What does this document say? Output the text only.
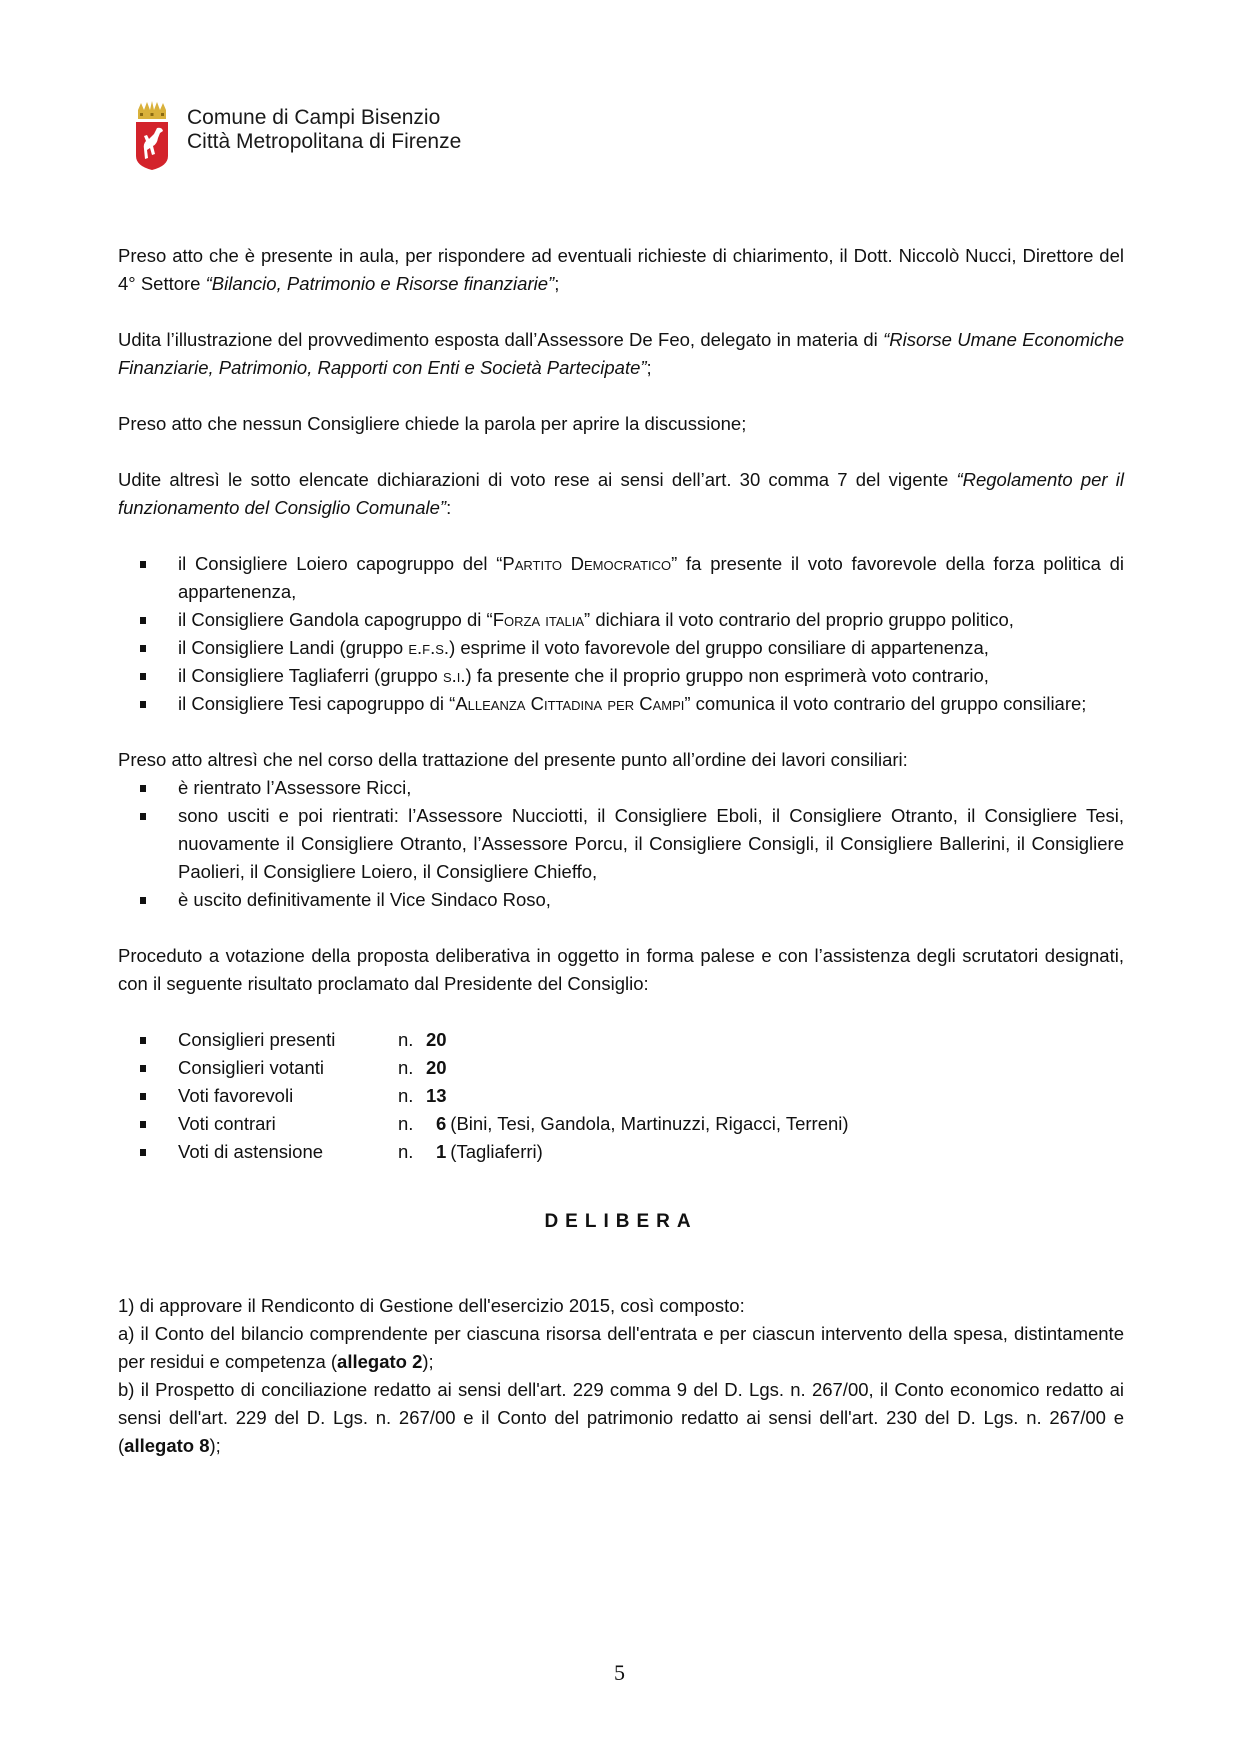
Comune di Campi Bisenzio
Città Metropolitana di Firenze

Preso atto che è presente in aula, per rispondere ad eventuali richieste di chiarimento, il Dott. Niccolò Nucci, Direttore del 4° Settore “Bilancio, Patrimonio e Risorse finanziarie”;

Udita l’illustrazione del provvedimento esposta dall’Assessore De Feo, delegato in materia di “Risorse Umane Economiche Finanziarie, Patrimonio, Rapporti con Enti e Società Partecipate”;

Preso atto che nessun Consigliere chiede la parola per aprire la discussione;

Udite altresì le sotto elencate dichiarazioni di voto rese ai sensi dell’art. 30 comma 7 del vigente “Regolamento per il funzionamento del Consiglio Comunale”:

il Consigliere Loiero capogruppo del “Partito Democratico” fa presente il voto favorevole della forza politica di appartenenza,
il Consigliere Gandola capogruppo di “Forza italia” dichiara il voto contrario del proprio gruppo politico,
il Consigliere Landi (gruppo e.f.s.) esprime il voto favorevole del gruppo consiliare di appartenenza,
il Consigliere Tagliaferri (gruppo s.i.) fa presente che il proprio gruppo non esprimerà voto contrario,
il Consigliere Tesi capogruppo di “Alleanza Cittadina per Campi” comunica il voto contrario del gruppo consiliare;

Preso atto altresì che nel corso della trattazione del presente punto all’ordine dei lavori consiliari:

è rientrato l’Assessore Ricci,
sono usciti e poi rientrati: l’Assessore Nucciotti, il Consigliere Eboli, il Consigliere Otranto, il Consigliere Tesi, nuovamente il Consigliere Otranto, l’Assessore Porcu, il Consigliere Consigli, il Consigliere Ballerini, il Consigliere Paolieri, il Consigliere Loiero, il Consigliere Chieffo,
è uscito definitivamente il Vice Sindaco Roso,

Proceduto a votazione della proposta deliberativa in oggetto in forma palese e con l’assistenza degli scrutatori designati, con il seguente risultato proclamato dal Presidente del Consiglio:

Consiglieri presenti	n. 20
Consiglieri votanti	n. 20
Voti favorevoli	n. 13
Voti contrari	n.	6 (Bini, Tesi, Gandola, Martinuzzi, Rigacci, Terreni)
Voti di astensione	n.	1 (Tagliaferri)

DELIBERA

1) di approvare il Rendiconto di Gestione dell'esercizio 2015, così composto:

a) il Conto del bilancio comprendente per ciascuna risorsa dell'entrata e per ciascun intervento della spesa, distintamente per residui e competenza (allegato 2);

b) il Prospetto di conciliazione redatto ai sensi dell'art. 229 comma 9 del D. Lgs. n. 267/00, il Conto economico redatto ai sensi dell'art. 229 del D. Lgs. n. 267/00 e il Conto del patrimonio redatto ai sensi dell'art. 230 del D. Lgs. n. 267/00 e (allegato 8);

5
